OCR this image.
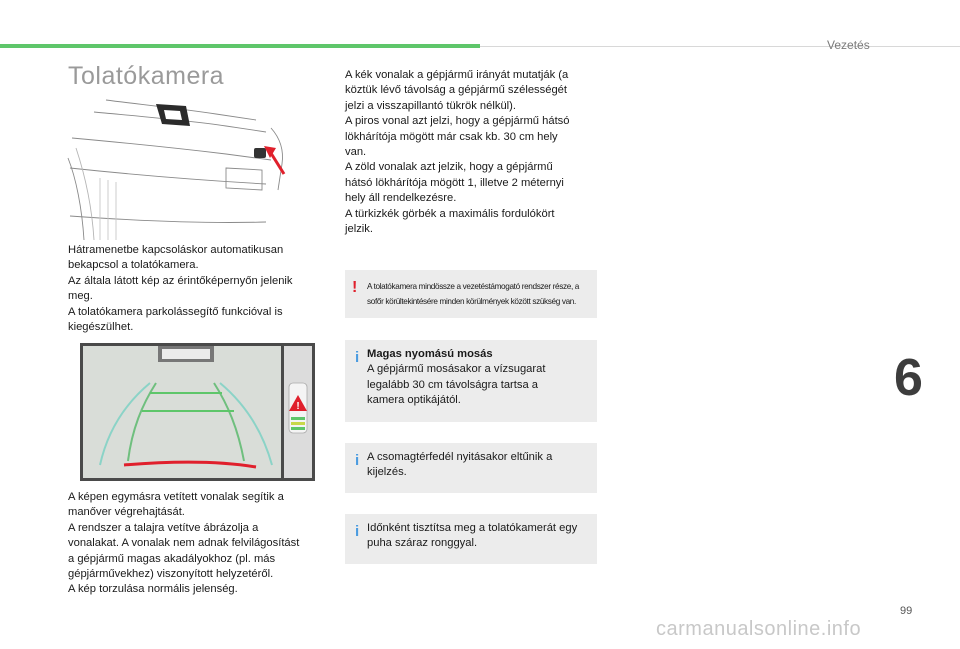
Vezetés
6
99
carmanualsonline.info
Tolatókamera

Hátramenetbe kapcsoláskor automatikusan

bekapcsol a tolatókamera.

Az általa látott kép az érintőképernyőn jelenik

meg.

A tolatókamera parkolássegítő funkcióval is

kiegészülhet.

!

A képen egymásra vetített vonalak segítik a

manőver végrehajtását.

A rendszer a talajra vetítve ábrázolja a

vonalakat. A vonalak nem adnak felvilágosítást

a gépjármű magas akadályokhoz (pl. más

gépjárművekhez) viszonyított helyzetéről.

A kép torzulása normális jelenség.

A kék vonalak a gépjármű irányát mutatják (a

köztük lévő távolság a gépjármű szélességét

jelzi a visszapillantó tükrök nélkül).

A piros vonal azt jelzi, hogy a gépjármű hátsó

lökhárítója mögött már csak kb. 30 cm hely

van.

A zöld vonalak azt jelzik, hogy a gépjármű

hátsó lökhárítója mögött 1, illetve 2 méternyi

hely áll rendelkezésre.

A türkizkék görbék a maximális fordulókört

jelzik.

! A tolatókamera mindössze a vezetéstámogató rendszer része, a
sofőr körültekintésére minden körülmények között szükség van.
i Magas nyomású mosás

A gépjármű mosásakor a vízsugarat

legalább 30 cm távolságra tartsa a

kamera optikájától.

i A csomagtérfedél nyitásakor eltűnik a

kijelzés.

i Időnként tisztítsa meg a tolatókamerát egy

puha száraz ronggyal.
